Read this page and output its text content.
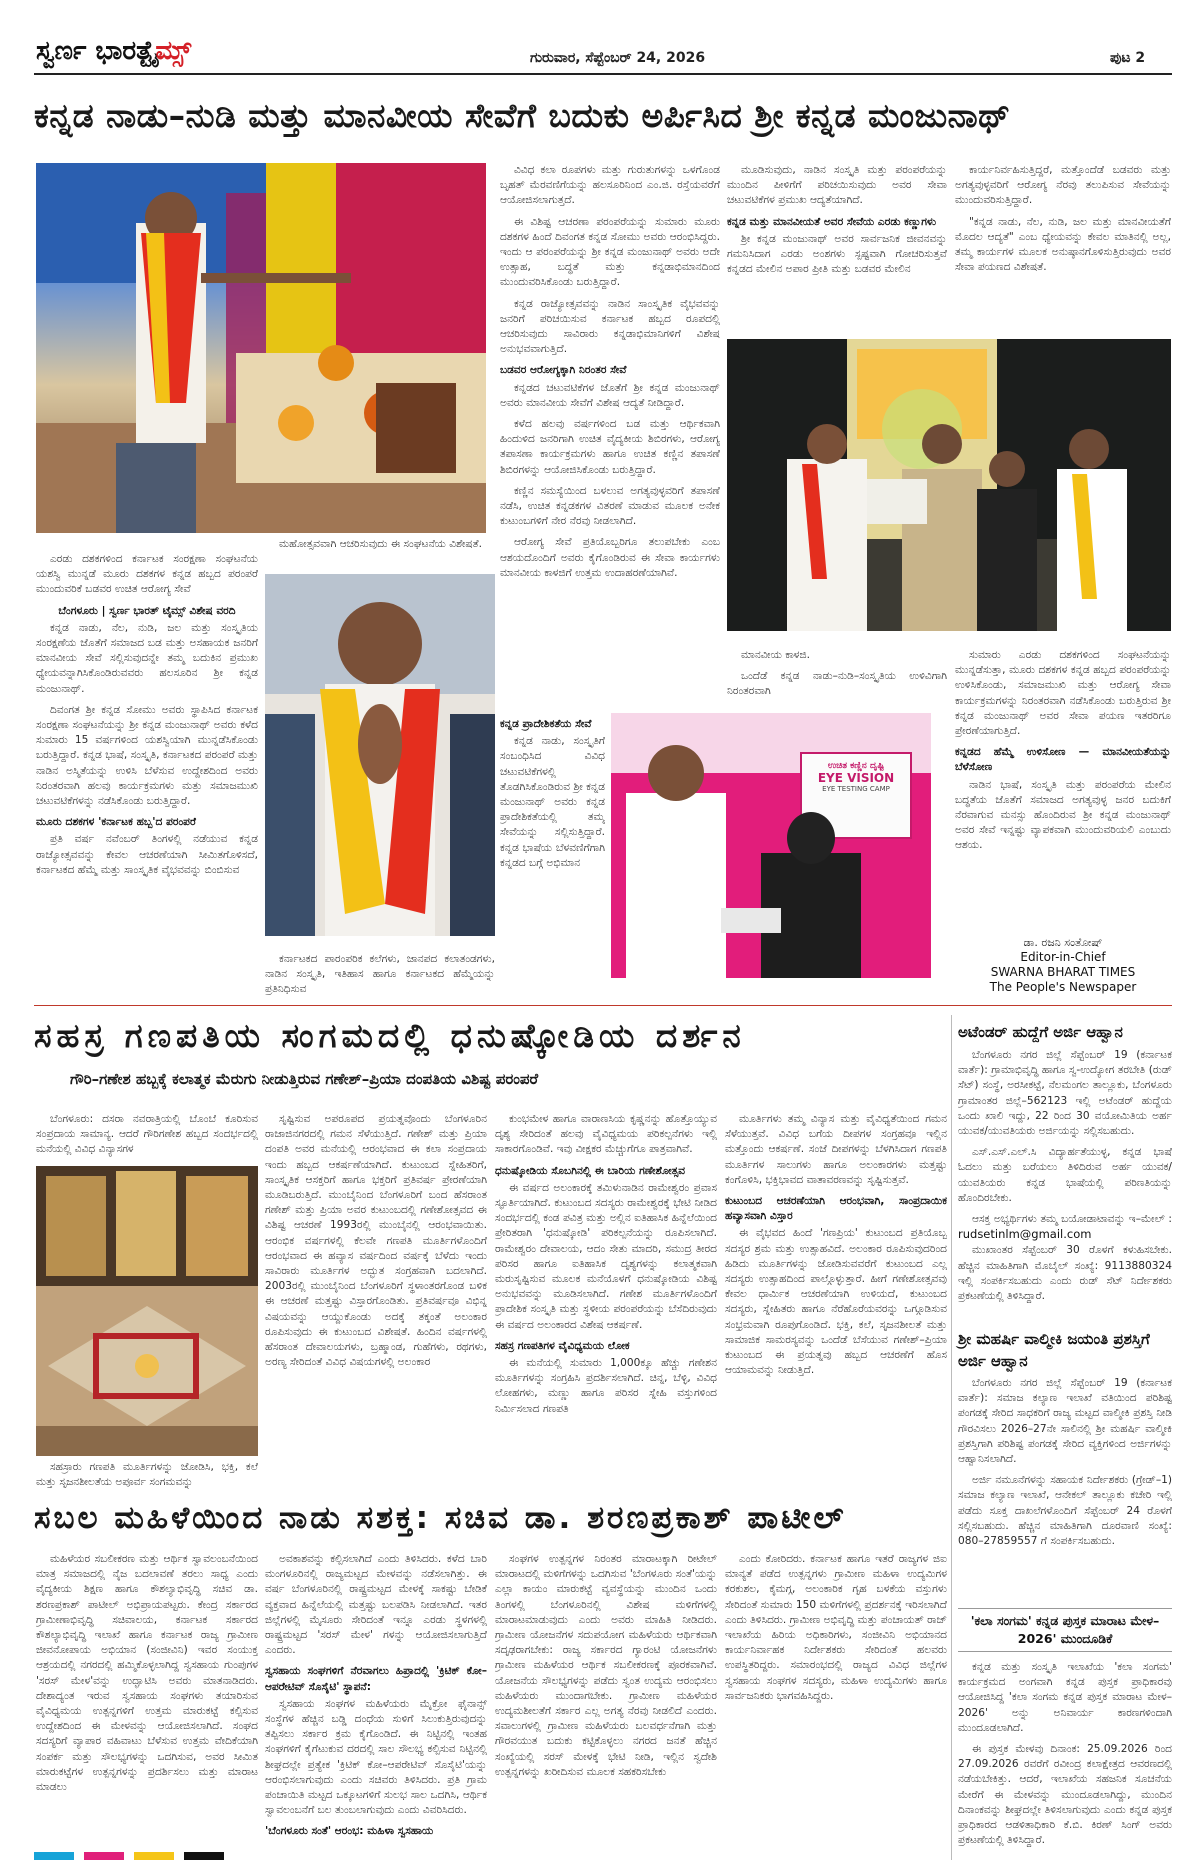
ಸ್ವರ್ಣ ಭಾರತ್ಟೈಮ್ಸ್	ಗುರುವಾರ, ಸೆಪ್ಟೆಂಬರ್ 24, 2026	ಪುಟ 2
ಕನ್ನಡ ನಾಡು–ನುಡಿ ಮತ್ತು ಮಾನವೀಯ ಸೇವೆಗೆ ಬದುಕು ಅರ್ಪಿಸಿದ ಶ್ರೀ ಕನ್ನಡ ಮಂಜುನಾಥ್
ಉಚಿತ ಕಣ್ಣಿನ ದೃಷ್ಟಿ
EYE VISION
EYE TESTING CAMP

ಎರಡು ದಶಕಗಳಿಂದ ಕರ್ನಾಟಕ ಸಂರಕ್ಷಣಾ ಸಂಘಟನೆಯ ಯಶಸ್ವಿ ಮುನ್ನಡೆ ಮೂರು ದಶಕಗಳ ಕನ್ನಡ ಹಬ್ಬದ ಪರಂಪರೆ ಮುಂದುವರಿಕೆ ಬಡವರ ಉಚಿತ ಆರೋಗ್ಯ ಸೇವೆ

ಬೆಂಗಳೂರು | ಸ್ವರ್ಣ ಭಾರತ್ ಟೈಮ್ಸ್ ವಿಶೇಷ ವರದಿ

ಕನ್ನಡ ನಾಡು, ನೆಲ, ನುಡಿ, ಜಲ ಮತ್ತು ಸಂಸ್ಕೃತಿಯ ಸಂರಕ್ಷಣೆಯ ಜೊತೆಗೆ ಸಮಾಜದ ಬಡ ಮತ್ತು ಅಸಹಾಯಕ ಜನರಿಗೆ ಮಾನವೀಯ ಸೇವೆ ಸಲ್ಲಿಸುವುದನ್ನೇ ತಮ್ಮ ಬದುಕಿನ ಪ್ರಮುಖ ಧ್ಯೇಯವನ್ನಾಗಿಸಿಕೊಂಡಿರುವವರು ಹಲಸೂರಿನ ಶ್ರೀ ಕನ್ನಡ ಮಂಜುನಾಥ್.

ದಿವಂಗತ ಶ್ರೀ ಕನ್ನಡ ಸೋಮು ಅವರು ಸ್ಥಾಪಿಸಿದ ಕರ್ನಾಟಕ ಸಂರಕ್ಷಣಾ ಸಂಘಟನೆಯನ್ನು ಶ್ರೀ ಕನ್ನಡ ಮಂಜುನಾಥ್ ಅವರು ಕಳೆದ ಸುಮಾರು 15 ವರ್ಷಗಳಿಂದ ಯಶಸ್ವಿಯಾಗಿ ಮುನ್ನಡೆಸಿಕೊಂಡು ಬರುತ್ತಿದ್ದಾರೆ. ಕನ್ನಡ ಭಾಷೆ, ಸಂಸ್ಕೃತಿ, ಕರ್ನಾಟಕದ ಪರಂಪರೆ ಮತ್ತು ನಾಡಿನ ಅಸ್ಮಿತೆಯನ್ನು ಉಳಿಸಿ ಬೆಳೆಸುವ ಉದ್ದೇಶದಿಂದ ಅವರು ನಿರಂತರವಾಗಿ ಹಲವು ಕಾರ್ಯಕ್ರಮಗಳು ಮತ್ತು ಸಮಾಜಮುಖಿ ಚಟುವಟಿಕೆಗಳನ್ನು ನಡೆಸಿಕೊಂಡು ಬರುತ್ತಿದ್ದಾರೆ.

ಮೂರು ದಶಕಗಳ 'ಕರ್ನಾಟಕ ಹಬ್ಬ'ದ ಪರಂಪರೆ

ಪ್ರತಿ ವರ್ಷ ನವೆಂಬರ್ ತಿಂಗಳಲ್ಲಿ ನಡೆಯುವ ಕನ್ನಡ ರಾಜ್ಯೋತ್ಸವವನ್ನು ಕೇವಲ ಆಚರಣೆಯಾಗಿ ಸೀಮಿತಗೊಳಿಸದೆ, ಕರ್ನಾಟಕದ ಹೆಮ್ಮೆ ಮತ್ತು ಸಾಂಸ್ಕೃತಿಕ ವೈಭವವನ್ನು ಬಿಂಬಿಸುವ

ಮಹೋತ್ಸವವಾಗಿ ಆಚರಿಸುವುದು ಈ ಸಂಘಟನೆಯ ವಿಶೇಷತೆ.

ಕರ್ನಾಟಕದ ಪಾರಂಪರಿಕ ಕಲೆಗಳು, ಜಾನಪದ ಕಲಾತಂಡಗಳು, ನಾಡಿನ ಸಂಸ್ಕೃತಿ, ಇತಿಹಾಸ ಹಾಗೂ ಕರ್ನಾಟಕದ ಹೆಮ್ಮೆಯನ್ನು ಪ್ರತಿನಿಧಿಸುವ

ವಿವಿಧ ಕಲಾ ರೂಪಗಳು ಮತ್ತು ಗುರುತುಗಳನ್ನು ಒಳಗೊಂಡ ಬೃಹತ್ ಮೆರವಣಿಗೆಯನ್ನು ಹಲಸೂರಿನಿಂದ ಎಂ.ಜಿ. ರಸ್ತೆಯವರೆಗೆ ಆಯೋಜಿಸಲಾಗುತ್ತದೆ.

ಈ ವಿಶಿಷ್ಟ ಆಚರಣಾ ಪರಂಪರೆಯನ್ನು ಸುಮಾರು ಮೂರು ದಶಕಗಳ ಹಿಂದೆ ದಿವಂಗತ ಕನ್ನಡ ಸೋಮು ಅವರು ಆರಂಭಿಸಿದ್ದರು. ಇಂದು ಆ ಪರಂಪರೆಯನ್ನು ಶ್ರೀ ಕನ್ನಡ ಮಂಜುನಾಥ್ ಅವರು ಅದೇ ಉತ್ಸಾಹ, ಬದ್ಧತೆ ಮತ್ತು ಕನ್ನಡಾಭಿಮಾನದಿಂದ ಮುಂದುವರಿಸಿಕೊಂಡು ಬರುತ್ತಿದ್ದಾರೆ.

ಕನ್ನಡ ರಾಜ್ಯೋತ್ಸವವನ್ನು ನಾಡಿನ ಸಾಂಸ್ಕೃತಿಕ ವೈಭವವನ್ನು ಜನರಿಗೆ ಪರಿಚಯಿಸುವ ಕರ್ನಾಟಕ ಹಬ್ಬದ ರೂಪದಲ್ಲಿ ಆಚರಿಸುವುದು ಸಾವಿರಾರು ಕನ್ನಡಾಭಿಮಾನಿಗಳಿಗೆ ವಿಶೇಷ ಅನುಭವವಾಗುತ್ತಿದೆ.

ಬಡವರ ಆರೋಗ್ಯಕ್ಕಾಗಿ ನಿರಂತರ ಸೇವೆ

ಕನ್ನಡದ ಚಟುವಟಿಕೆಗಳ ಜೊತೆಗೆ ಶ್ರೀ ಕನ್ನಡ ಮಂಜುನಾಥ್ ಅವರು ಮಾನವೀಯ ಸೇವೆಗೆ ವಿಶೇಷ ಆದ್ಯತೆ ನೀಡಿದ್ದಾರೆ.

ಕಳೆದ ಹಲವು ವರ್ಷಗಳಿಂದ ಬಡ ಮತ್ತು ಆರ್ಥಿಕವಾಗಿ ಹಿಂದುಳಿದ ಜನರಿಗಾಗಿ ಉಚಿತ ವೈದ್ಯಕೀಯ ಶಿಬಿರಗಳು, ಆರೋಗ್ಯ ತಪಾಸಣಾ ಕಾರ್ಯಕ್ರಮಗಳು ಹಾಗೂ ಉಚಿತ ಕಣ್ಣಿನ ತಪಾಸಣೆ ಶಿಬಿರಗಳನ್ನು ಆಯೋಜಿಸಿಕೊಂಡು ಬರುತ್ತಿದ್ದಾರೆ.

ಕಣ್ಣಿನ ಸಮಸ್ಯೆಯಿಂದ ಬಳಲುವ ಅಗತ್ಯವುಳ್ಳವರಿಗೆ ತಪಾಸಣೆ ನಡೆಸಿ, ಉಚಿತ ಕನ್ನಡಕಗಳ ವಿತರಣೆ ಮಾಡುವ ಮೂಲಕ ಅನೇಕ ಕುಟುಂಬಗಳಿಗೆ ನೇರ ನೆರವು ನೀಡಲಾಗಿದೆ.

ಆರೋಗ್ಯ ಸೇವೆ ಪ್ರತಿಯೊಬ್ಬರಿಗೂ ತಲುಪಬೇಕು ಎಂಬ ಆಶಯದೊಂದಿಗೆ ಅವರು ಕೈಗೊಂಡಿರುವ ಈ ಸೇವಾ ಕಾರ್ಯಗಳು ಮಾನವೀಯ ಕಾಳಜಿಗೆ ಉತ್ತಮ ಉದಾಹರಣೆಯಾಗಿವೆ.

ಕನ್ನಡ ಪ್ರಾದೇಶಿಕತೆಯ ಸೇವೆ

ಕನ್ನಡ ನಾಡು, ಸಂಸ್ಕೃತಿಗೆ ಸಂಬಂಧಿಸಿದ ವಿವಿಧ ಚಟುವಟಿಕೆಗಳಲ್ಲಿ ತೊಡಗಿಸಿಕೊಂಡಿರುವ ಶ್ರೀ ಕನ್ನಡ ಮಂಜುನಾಥ್ ಅವರು ಕನ್ನಡ ಪ್ರಾದೇಶಿಕತೆಯಲ್ಲಿ ತಮ್ಮ ಸೇವೆಯನ್ನು ಸಲ್ಲಿಸುತ್ತಿದ್ದಾರೆ. ಕನ್ನಡ ಭಾಷೆಯ ಬೆಳವಣಿಗೆಗಾಗಿ ಕನ್ನಡದ ಬಗ್ಗೆ ಅಭಿಮಾನ

ಮೂಡಿಸುವುದು, ನಾಡಿನ ಸಂಸ್ಕೃತಿ ಮತ್ತು ಪರಂಪರೆಯನ್ನು ಮುಂದಿನ ಪೀಳಿಗೆಗೆ ಪರಿಚಯಿಸುವುದು ಅವರ ಸೇವಾ ಚಟುವಟಿಕೆಗಳ ಪ್ರಮುಖ ಆದ್ಯತೆಯಾಗಿದೆ.

ಕನ್ನಡ ಮತ್ತು ಮಾನವೀಯತೆ ಅವರ ಸೇವೆಯ ಎರಡು ಕಣ್ಣುಗಳು

ಶ್ರೀ ಕನ್ನಡ ಮಂಜುನಾಥ್ ಅವರ ಸಾರ್ವಜನಿಕ ಜೀವನವನ್ನು ಗಮನಿಸಿದಾಗ ಎರಡು ಅಂಶಗಳು ಸ್ಪಷ್ಟವಾಗಿ ಗೋಚರಿಸುತ್ತವೆ ಕನ್ನಡದ ಮೇಲಿನ ಅಪಾರ ಪ್ರೀತಿ ಮತ್ತು ಬಡವರ ಮೇಲಿನ

ಮಾನವೀಯ ಕಾಳಜಿ.

ಒಂದೆಡೆ ಕನ್ನಡ ನಾಡು–ನುಡಿ–ಸಂಸ್ಕೃತಿಯ ಉಳಿವಿಗಾಗಿ ನಿರಂತರವಾಗಿ

ಕಾರ್ಯನಿರ್ವಹಿಸುತ್ತಿದ್ದರೆ, ಮತ್ತೊಂದೆಡೆ ಬಡವರು ಮತ್ತು ಅಗತ್ಯವುಳ್ಳವರಿಗೆ ಆರೋಗ್ಯ ನೆರವು ತಲುಪಿಸುವ ಸೇವೆಯನ್ನು ಮುಂದುವರಿಸುತ್ತಿದ್ದಾರೆ.

"ಕನ್ನಡ ನಾಡು, ನೆಲ, ನುಡಿ, ಜಲ ಮತ್ತು ಮಾನವೀಯತೆಗೆ ಮೊದಲ ಆದ್ಯತೆ" ಎಂಬ ಧ್ಯೇಯವನ್ನು ಕೇವಲ ಮಾತಿನಲ್ಲಿ ಅಲ್ಲ, ತಮ್ಮ ಕಾರ್ಯಗಳ ಮೂಲಕ ಅನುಷ್ಠಾನಗೊಳಿಸುತ್ತಿರುವುದು ಅವರ ಸೇವಾ ಪಯಣದ ವಿಶೇಷತೆ.

ಸುಮಾರು ಎರಡು ದಶಕಗಳಿಂದ ಸಂಘಟನೆಯನ್ನು ಮುನ್ನಡೆಸುತ್ತಾ, ಮೂರು ದಶಕಗಳ ಕನ್ನಡ ಹಬ್ಬದ ಪರಂಪರೆಯನ್ನು ಉಳಿಸಿಕೊಂಡು, ಸಮಾಜಮುಖಿ ಮತ್ತು ಆರೋಗ್ಯ ಸೇವಾ ಕಾರ್ಯಕ್ರಮಗಳನ್ನು ನಿರಂತರವಾಗಿ ನಡೆಸಿಕೊಂಡು ಬರುತ್ತಿರುವ ಶ್ರೀ ಕನ್ನಡ ಮಂಜುನಾಥ್ ಅವರ ಸೇವಾ ಪಯಣ ಇತರರಿಗೂ ಪ್ರೇರಣೆಯಾಗುತ್ತಿದೆ.

ಕನ್ನಡದ ಹೆಮ್ಮೆ ಉಳಿಸೋಣ — ಮಾನವೀಯತೆಯನ್ನು ಬೆಳೆಸೋಣ

ನಾಡಿನ ಭಾಷೆ, ಸಂಸ್ಕೃತಿ ಮತ್ತು ಪರಂಪರೆಯ ಮೇಲಿನ ಬದ್ಧತೆಯ ಜೊತೆಗೆ ಸಮಾಜದ ಅಗತ್ಯವುಳ್ಳ ಜನರ ಬದುಕಿಗೆ ನೆರವಾಗುವ ಮನಸ್ಸು ಹೊಂದಿರುವ ಶ್ರೀ ಕನ್ನಡ ಮಂಜುನಾಥ್ ಅವರ ಸೇವೆ ಇನ್ನಷ್ಟು ವ್ಯಾಪಕವಾಗಿ ಮುಂದುವರಿಯಲಿ ಎಂಬುದು ಆಶಯ.

ಡಾ. ರಜನಿ ಸಂತೋಷ್
Editor-in-Chief
SWARNA BHARAT TIMES
The People's Newspaper
ಸಹಸ್ರ ಗಣಪತಿಯ ಸಂಗಮದಲ್ಲಿ ಧನುಷ್ಕೋಡಿಯ ದರ್ಶನ
ಗೌರಿ–ಗಣೇಶ ಹಬ್ಬಕ್ಕೆ ಕಲಾತ್ಮಕ ಮೆರುಗು ನೀಡುತ್ತಿರುವ ಗಣೇಶ್–ಪ್ರಿಯಾ ದಂಪತಿಯ ವಿಶಿಷ್ಟ ಪರಂಪರೆ

ಬೆಂಗಳೂರು: ದಸರಾ ನವರಾತ್ರಿಯಲ್ಲಿ ಬೊಂಬೆ ಕೂರಿಸುವ ಸಂಪ್ರದಾಯ ಸಾಮಾನ್ಯ. ಆದರೆ ಗೌರಿಗಣೇಶ ಹಬ್ಬದ ಸಂದರ್ಭದಲ್ಲಿ ಮನೆಯಲ್ಲಿ ವಿವಿಧ ವಿನ್ಯಾಸಗಳ

ಸಹಸ್ರಾರು ಗಣಪತಿ ಮೂರ್ತಿಗಳನ್ನು ಜೋಡಿಸಿ, ಭಕ್ತಿ, ಕಲೆ ಮತ್ತು ಸೃಜನಶೀಲತೆಯ ಅಪೂರ್ವ ಸಂಗಮವನ್ನು

ಸೃಷ್ಟಿಸುವ ಅಪರೂಪದ ಪ್ರಯತ್ನವೊಂದು ಬೆಂಗಳೂರಿನ ರಾಜಾಜಿನಗರದಲ್ಲಿ ಗಮನ ಸೆಳೆಯುತ್ತಿದೆ. ಗಣೇಶ್ ಮತ್ತು ಪ್ರಿಯಾ ದಂಪತಿ ಅವರ ಮನೆಯಲ್ಲಿ ಆರಂಭವಾದ ಈ ಕಲಾ ಸಂಪ್ರದಾಯ ಇಂದು ಹಬ್ಬದ ಆಕರ್ಷಣೆಯಾಗಿದೆ. ಕುಟುಂಬದ ಸ್ನೇಹಿತರಿಗೆ, ಸಾಂಸ್ಕೃತಿಕ ಆಸಕ್ತರಿಗೆ ಹಾಗೂ ಭಕ್ತರಿಗೆ ಪ್ರತಿವರ್ಷ ಪ್ರೇರಣೆಯಾಗಿ ಮೂಡಿಬರುತ್ತಿದೆ. ಮುಂಬೈನಿಂದ ಬೆಂಗಳೂರಿಗೆ ಬಂದ ಹೆಸರಾಂತ ಗಣೇಶ್ ಮತ್ತು ಪ್ರಿಯಾ ಅವರ ಕುಟುಂಬದಲ್ಲಿ ಗಣೇಶೋತ್ಸವದ ಈ ವಿಶಿಷ್ಟ ಆಚರಣೆ 1993ರಲ್ಲಿ ಮುಂಬೈನಲ್ಲಿ ಆರಂಭವಾಯಿತು. ಆರಂಭಿಕ ವರ್ಷಗಳಲ್ಲಿ ಕೆಲವೇ ಗಣಪತಿ ಮೂರ್ತಿಗಳೊಂದಿಗೆ ಆರಂಭವಾದ ಈ ಹವ್ಯಾಸ ವರ್ಷದಿಂದ ವರ್ಷಕ್ಕೆ ಬೆಳೆದು ಇಂದು ಸಾವಿರಾರು ಮೂರ್ತಿಗಳ ಅದ್ಭುತ ಸಂಗ್ರಹವಾಗಿ ಬದಲಾಗಿದೆ. 2003ರಲ್ಲಿ ಮುಂಬೈನಿಂದ ಬೆಂಗಳೂರಿಗೆ ಸ್ಥಳಾಂತರಗೊಂಡ ಬಳಿಕ ಈ ಆಚರಣೆ ಮತ್ತಷ್ಟು ವಿಸ್ತಾರಗೊಂಡಿತು. ಪ್ರತಿವರ್ಷವೂ ವಿಭಿನ್ನ ವಿಷಯವನ್ನು ಆಯ್ದುಕೊಂಡು ಅದಕ್ಕೆ ತಕ್ಕಂತೆ ಅಲಂಕಾರ ರೂಪಿಸುವುದು ಈ ಕುಟುಂಬದ ವಿಶೇಷತೆ. ಹಿಂದಿನ ವರ್ಷಗಳಲ್ಲಿ ಹೆಸರಾಂತ ದೇವಾಲಯಗಳು, ಬ್ರಹ್ಮಾಂಡ, ಗುಹೆಗಳು, ರಥಗಳು, ಅರಣ್ಯ ಸೇರಿದಂತೆ ವಿವಿಧ ವಿಷಯಗಳಲ್ಲಿ ಅಲಂಕಾರ

ಕುಂಭಮೇಳ ಹಾಗೂ ವಾರಾಣಸಿಯ ಕೃಷ್ಣನನ್ನು ಹೊತ್ತೊಯ್ಯುವ ದೃಶ್ಯ ಸೇರಿದಂತೆ ಹಲವು ವೈವಿಧ್ಯಮಯ ಪರಿಕಲ್ಪನೆಗಳು ಇಲ್ಲಿ ಸಾಕಾರಗೊಂಡಿವೆ. ಇವು ವೀಕ್ಷಕರ ಮೆಚ್ಚುಗೆಗೂ ಪಾತ್ರವಾಗಿವೆ.

ಧನುಷ್ಕೋಡಿಯ ಸೊಬಗಿನಲ್ಲಿ ಈ ಬಾರಿಯ ಗಣೇಶೋತ್ಸವ

ಈ ವರ್ಷದ ಅಲಂಕಾರಕ್ಕೆ ತಮಿಳುನಾಡಿನ ರಾಮೇಶ್ವರಂ ಪ್ರವಾಸ ಸ್ಫೂರ್ತಿಯಾಗಿದೆ. ಕುಟುಂಬದ ಸದಸ್ಯರು ರಾಮೇಶ್ವರಕ್ಕೆ ಭೇಟಿ ನೀಡಿದ ಸಂದರ್ಭದಲ್ಲಿ ಕಂಡ ಪವಿತ್ರ ಮತ್ತು ಅಲ್ಲಿನ ಐತಿಹಾಸಿಕ ಹಿನ್ನೆಲೆಯಿಂದ ಪ್ರೇರಿತರಾಗಿ 'ಧನುಷ್ಕೋಡಿ' ಪರಿಕಲ್ಪನೆಯನ್ನು ರೂಪಿಸಲಾಗಿದೆ. ರಾಮೇಶ್ವರಂ ದೇವಾಲಯ, ಆದಂ ಸೇತು ಮಾದರಿ, ಸಮುದ್ರ ತೀರದ ಪರಿಸರ ಹಾಗೂ ಐತಿಹಾಸಿಕ ದೃಶ್ಯಗಳನ್ನು ಕಲಾತ್ಮಕವಾಗಿ ಮರುಸೃಷ್ಟಿಸುವ ಮೂಲಕ ಮನೆಯೊಳಗೆ ಧನುಷ್ಕೋಡಿಯ ವಿಶಿಷ್ಟ ಅನುಭವವನ್ನು ಮೂಡಿಸಲಾಗಿದೆ. ಗಣೇಶ ಮೂರ್ತಿಗಳೊಂದಿಗೆ ಪ್ರಾದೇಶಿಕ ಸಂಸ್ಕೃತಿ ಮತ್ತು ಸ್ಥಳೀಯ ಪರಂಪರೆಯನ್ನು ಬೆಸೆದಿರುವುದು ಈ ವರ್ಷದ ಅಲಂಕಾರದ ವಿಶೇಷ ಆಕರ್ಷಣೆ.

ಸಹಸ್ರ ಗಣಪತಿಗಳ ವೈವಿಧ್ಯಮಯ ಲೋಕ

ಈ ಮನೆಯಲ್ಲಿ ಸುಮಾರು 1,000ಕ್ಕೂ ಹೆಚ್ಚು ಗಣೇಶನ ಮೂರ್ತಿಗಳನ್ನು ಸಂಗ್ರಹಿಸಿ ಪ್ರದರ್ಶಿಸಲಾಗಿದೆ. ಚಿನ್ನ, ಬೆಳ್ಳಿ, ವಿವಿಧ ಲೋಹಗಳು, ಮಣ್ಣು ಹಾಗೂ ಪರಿಸರ ಸ್ನೇಹಿ ವಸ್ತುಗಳಿಂದ ನಿರ್ಮಿಸಲಾದ ಗಣಪತಿ

ಮೂರ್ತಿಗಳು ತಮ್ಮ ವಿನ್ಯಾಸ ಮತ್ತು ವೈವಿಧ್ಯತೆಯಿಂದ ಗಮನ ಸೆಳೆಯುತ್ತವೆ. ವಿವಿಧ ಬಗೆಯ ದೀಪಗಳ ಸಂಗ್ರಹವೂ ಇಲ್ಲಿನ ಮತ್ತೊಂದು ಆಕರ್ಷಣೆ. ಸಂಜೆ ದೀಪಗಳನ್ನು ಬೆಳಗಿಸಿದಾಗ ಗಣಪತಿ ಮೂರ್ತಿಗಳ ಸಾಲುಗಳು ಹಾಗೂ ಅಲಂಕಾರಗಳು ಮತ್ತಷ್ಟು ಕಂಗೊಳಿಸಿ, ಭಕ್ತಿಭಾವದ ವಾತಾವರಣವನ್ನು ಸೃಷ್ಟಿಸುತ್ತವೆ.

ಕುಟುಂಬದ ಆಚರಣೆಯಾಗಿ ಆರಂಭವಾಗಿ, ಸಾಂಪ್ರದಾಯಿಕ ಹವ್ಯಾಸವಾಗಿ ವಿಸ್ತಾರ

ಈ ವೈಭವದ ಹಿಂದೆ 'ಗಣಪ್ರಿಯ' ಕುಟುಂಬದ ಪ್ರತಿಯೊಬ್ಬ ಸದಸ್ಯರ ಶ್ರಮ ಮತ್ತು ಉತ್ಸಾಹವಿದೆ. ಅಲಂಕಾರ ರೂಪಿಸುವುದರಿಂದ ಹಿಡಿದು ಮೂರ್ತಿಗಳನ್ನು ಜೋಡಿಸುವವರೆಗೆ ಕುಟುಂಬದ ಎಲ್ಲ ಸದಸ್ಯರು ಉತ್ಸಾಹದಿಂದ ಪಾಲ್ಗೊಳ್ಳುತ್ತಾರೆ. ಹೀಗೆ ಗಣೇಶೋತ್ಸವವು ಕೇವಲ ಧಾರ್ಮಿಕ ಆಚರಣೆಯಾಗಿ ಉಳಿಯದೆ, ಕುಟುಂಬದ ಸದಸ್ಯರು, ಸ್ನೇಹಿತರು ಹಾಗೂ ನೆರೆಹೊರೆಯವರನ್ನು ಒಗ್ಗೂಡಿಸುವ ಸಂಭ್ರಮವಾಗಿ ರೂಪುಗೊಂಡಿದೆ. ಭಕ್ತಿ, ಕಲೆ, ಸೃಜನಶೀಲತೆ ಮತ್ತು ಸಾಮಾಜಿಕ ಸಾಮರಸ್ಯವನ್ನು ಒಂದೆಡೆ ಬೆಸೆಯುವ ಗಣೇಶ್–ಪ್ರಿಯಾ ಕುಟುಂಬದ ಈ ಪ್ರಯತ್ನವು ಹಬ್ಬದ ಆಚರಣೆಗೆ ಹೊಸ ಆಯಾಮವನ್ನು ನೀಡುತ್ತಿದೆ.

ಸಬಲ ಮಹಿಳೆಯಿಂದ ನಾಡು ಸಶಕ್ತ: ಸಚಿವ ಡಾ. ಶರಣಪ್ರಕಾಶ್ ಪಾಟೀಲ್

ಮಹಿಳೆಯರ ಸಬಲೀಕರಣ ಮತ್ತು ಆರ್ಥಿಕ ಸ್ವಾವಲಂಬನೆಯಿಂದ ಮಾತ್ರ ಸಮಾಜದಲ್ಲಿ ನೈಜ ಬದಲಾವಣೆ ತರಲು ಸಾಧ್ಯ ಎಂದು ವೈದ್ಯಕೀಯ ಶಿಕ್ಷಣ ಹಾಗೂ ಕೌಶಲ್ಯಾಭಿವೃದ್ಧಿ ಸಚಿವ ಡಾ. ಶರಣಪ್ರಕಾಶ್ ಪಾಟೀಲ್ ಅಭಿಪ್ರಾಯಪಟ್ಟರು. ಕೇಂದ್ರ ಸರ್ಕಾರದ ಗ್ರಾಮೀಣಾಭಿವೃದ್ಧಿ ಸಚಿವಾಲಯ, ಕರ್ನಾಟಕ ಸರ್ಕಾರದ ಕೌಶಲ್ಯಾಭಿವೃದ್ಧಿ ಇಲಾಖೆ ಹಾಗೂ ಕರ್ನಾಟಕ ರಾಜ್ಯ ಗ್ರಾಮೀಣ ಜೀವನೋಪಾಯ ಅಭಿಯಾನ (ಸಂಜೀವಿನಿ) ಇವರ ಸಂಯುಕ್ತ ಆಶ್ರಯದಲ್ಲಿ ನಗರದಲ್ಲಿ ಹಮ್ಮಿಕೊಳ್ಳಲಾಗಿದ್ದ ಸ್ವಸಹಾಯ ಗುಂಪುಗಳ 'ಸರಸ್ ಮೇಳ'ವನ್ನು ಉದ್ಘಾಟಿಸಿ ಅವರು ಮಾತನಾಡಿದರು. ದೇಶಾದ್ಯಂತ ಇರುವ ಸ್ವಸಹಾಯ ಸಂಘಗಳು ತಯಾರಿಸುವ ವೈವಿಧ್ಯಮಯ ಉತ್ಪನ್ನಗಳಿಗೆ ಉತ್ತಮ ಮಾರುಕಟ್ಟೆ ಕಲ್ಪಿಸುವ ಉದ್ದೇಶದಿಂದ ಈ ಮೇಳವನ್ನು ಆಯೋಜಿಸಲಾಗಿದೆ. ಸಂಘದ ಸದಸ್ಯರಿಗೆ ವ್ಯಾಪಾರ ವಹಿವಾಟು ಬೆಳೆಸುವ ಉತ್ತಮ ವೇದಿಕೆಯಾಗಿ ಸಂಪರ್ಕ ಮತ್ತು ಸೌಲಭ್ಯಗಳನ್ನು ಒದಗಿಸುವ, ಅವರ ಸೀಮಿತ ಮಾರುಕಟ್ಟೆಗಳ ಉತ್ಪನ್ನಗಳನ್ನು ಪ್ರದರ್ಶಿಸಲು ಮತ್ತು ಮಾರಾಟ ಮಾಡಲು

ಅವಕಾಶವನ್ನು ಕಲ್ಪಿಸಲಾಗಿದೆ ಎಂದು ತಿಳಿಸಿದರು. ಕಳೆದ ಬಾರಿ ಮಂಗಳೂರಿನಲ್ಲಿ ರಾಜ್ಯಮಟ್ಟದ ಮೇಳವನ್ನು ನಡೆಸಲಾಗಿತ್ತು. ಈ ವರ್ಷ ಬೆಂಗಳೂರಿನಲ್ಲಿ ರಾಷ್ಟ್ರಮಟ್ಟದ ಮೇಳಕ್ಕೆ ಸಾಕಷ್ಟು ಬೇಡಿಕೆ ವ್ಯಕ್ತವಾದ ಹಿನ್ನೆಲೆಯಲ್ಲಿ ಮತ್ತಷ್ಟು ಬಲಪಡಿಸಿ ನೀಡಲಾಗಿದೆ. ಇತರ ಜಿಲ್ಲೆಗಳಲ್ಲಿ ಮೈಸೂರು ಸೇರಿದಂತೆ ಇನ್ನೂ ಎರಡು ಸ್ಥಳಗಳಲ್ಲಿ ರಾಷ್ಟ್ರಮಟ್ಟದ 'ಸರಸ್ ಮೇಳ' ಗಳನ್ನು ಆಯೋಜಿಸಲಾಗುತ್ತಿದೆ ಎಂದರು.

ಸ್ವಸಹಾಯ ಸಂಘಗಳಿಗೆ ನೆರವಾಗಲು ಹಿಪ್ರಾದಲ್ಲಿ 'ಕ್ರಿಟಿಕ್ ಕೋ–ಆಪರೇಟಿವ್ ಸೊಸೈಟಿ' ಸ್ಥಾಪನೆ:

ಸ್ವಸಹಾಯ ಸಂಘಗಳ ಮಹಿಳೆಯರು ಮೈಕ್ರೋ ಫೈನಾನ್ಸ್ ಸಂಸ್ಥೆಗಳ ಹೆಚ್ಚಿನ ಬಡ್ಡಿ ದಂಧೆಯ ಸುಳಿಗೆ ಸಿಲುಕುತ್ತಿರುವುದನ್ನು ತಪ್ಪಿಸಲು ಸರ್ಕಾರ ಕ್ರಮ ಕೈಗೊಂಡಿದೆ. ಈ ನಿಟ್ಟಿನಲ್ಲಿ ಇಂತಹ ಸಂಘಗಳಿಗೆ ಕೈಗೆಟುಕುವ ದರದಲ್ಲಿ ಸಾಲ ಸೌಲಭ್ಯ ಕಲ್ಪಿಸುವ ನಿಟ್ಟಿನಲ್ಲಿ ಶೀಘ್ರದಲ್ಲೇ ಪ್ರತ್ಯೇಕ 'ಕ್ರಿಟಿಕ್ ಕೋ–ಆಪರೇಟಿವ್ ಸೊಸೈಟಿ'ಯನ್ನು ಆರಂಭಿಸಲಾಗುವುದು ಎಂದು ಸಚಿವರು ತಿಳಿಸಿದರು. ಪ್ರತಿ ಗ್ರಾಮ ಪಂಚಾಯಿತಿ ಮಟ್ಟದ ಒಕ್ಕೂಟಗಳಿಗೆ ಸುಲಭ ಸಾಲ ಒದಗಿಸಿ, ಆರ್ಥಿಕ ಸ್ವಾವಲಂಬನೆಗೆ ಬಲ ತುಂಬಲಾಗುವುದು ಎಂದು ವಿವರಿಸಿದರು.

'ಬೆಂಗಳೂರು ಸಂತೆ' ಆರಂಭ: ಮಹಿಳಾ ಸ್ವಸಹಾಯ

ಸಂಘಗಳ ಉತ್ಪನ್ನಗಳ ನಿರಂತರ ಮಾರಾಟಕ್ಕಾಗಿ ರೀಟೇಲ್ ಮಾರಾಟದಲ್ಲಿ ಮಳಿಗೆಗಳನ್ನು ಒದಗಿಸುವ 'ಬೆಂಗಳೂರು ಸಂತೆ'ಯನ್ನು ಎಲ್ಲಾ ಕಾಯಂ ಮಾರುಕಟ್ಟೆ ವ್ಯವಸ್ಥೆಯನ್ನು ಮುಂದಿನ ಒಂದು ತಿಂಗಳಲ್ಲಿ ಬೆಂಗಳೂರಿನಲ್ಲಿ ವಿಶೇಷ ಮಳಿಗೆಗಳಲ್ಲಿ ಮಾರಾಟಮಾಡುವುದು ಎಂದು ಅವರು ಮಾಹಿತಿ ನೀಡಿದರು. ಗ್ರಾಮೀಣ ಯೋಜನೆಗಳ ಸದುಪಯೋಗ ಮಹಿಳೆಯರು ಆರ್ಥಿಕವಾಗಿ ಸದೃಢರಾಗಬೇಕು: ರಾಜ್ಯ ಸರ್ಕಾರದ ಗ್ಯಾರಂಟಿ ಯೋಜನೆಗಳು ಗ್ರಾಮೀಣ ಮಹಿಳೆಯರ ಆರ್ಥಿಕ ಸಬಲೀಕರಣಕ್ಕೆ ಪೂರಕವಾಗಿವೆ. ಯೋಜನೆಯ ಸೌಲಭ್ಯಗಳನ್ನು ಪಡೆದು ಸ್ವಂತ ಉದ್ಯಮ ಆರಂಭಿಸಲು ಮಹಿಳೆಯರು ಮುಂದಾಗಬೇಕು. ಗ್ರಾಮೀಣ ಮಹಿಳೆಯರ ಉದ್ಯಮಶೀಲತೆಗೆ ಸರ್ಕಾರ ಎಲ್ಲ ಅಗತ್ಯ ನೆರವು ನೀಡಲಿದೆ ಎಂದರು. ಸವಾಲುಗಳಲ್ಲಿ ಗ್ರಾಮೀಣ ಮಹಿಳೆಯರು ಬಲವರ್ಧನೆಗಾಗಿ ಮತ್ತು ಗೌರವಯುತ ಬದುಕು ಕಟ್ಟಿಕೊಳ್ಳಲು ನಗರದ ಜನತೆ ಹೆಚ್ಚಿನ ಸಂಖ್ಯೆಯಲ್ಲಿ ಸರಸ್ ಮೇಳಕ್ಕೆ ಭೇಟಿ ನೀಡಿ, ಇಲ್ಲಿನ ಸ್ವದೇಶಿ ಉತ್ಪನ್ನಗಳನ್ನು ಖರೀದಿಸುವ ಮೂಲಕ ಸಹಕರಿಸಬೇಕು

ಎಂದು ಕೋರಿದರು. ಕರ್ನಾಟಕ ಹಾಗೂ ಇತರೆ ರಾಜ್ಯಗಳ ಜಿಐ ಮಾನ್ಯತೆ ಪಡೆದ ಉತ್ಪನ್ನಗಳು ಗ್ರಾಮೀಣ ಮಹಿಳಾ ಉದ್ಯಮಿಗಳ ಕರಕುಶಲ, ಕೈಮಗ್ಗ, ಅಲಂಕಾರಿಕ ಗೃಹ ಬಳಕೆಯ ವಸ್ತುಗಳು ಸೇರಿದಂತೆ ಸುಮಾರು 150 ಮಳಿಗೆಗಳಲ್ಲಿ ಪ್ರದರ್ಶನಕ್ಕೆ ಇರಿಸಲಾಗಿದೆ ಎಂದು ತಿಳಿಸಿದರು. ಗ್ರಾಮೀಣ ಅಭಿವೃದ್ಧಿ ಮತ್ತು ಪಂಚಾಯತ್ ರಾಜ್ ಇಲಾಖೆಯ ಹಿರಿಯ ಅಧಿಕಾರಿಗಳು, ಸಂಜೀವಿನಿ ಅಭಿಯಾನದ ಕಾರ್ಯನಿರ್ವಾಹಕ ನಿರ್ದೇಶಕರು ಸೇರಿದಂತೆ ಹಲವರು ಉಪಸ್ಥಿತರಿದ್ದರು. ಸಮಾರಂಭದಲ್ಲಿ ರಾಜ್ಯದ ವಿವಿಧ ಜಿಲ್ಲೆಗಳ ಸ್ವಸಹಾಯ ಸಂಘಗಳ ಸದಸ್ಯರು, ಮಹಿಳಾ ಉದ್ಯಮಿಗಳು ಹಾಗೂ ಸಾರ್ವಜನಿಕರು ಭಾಗವಹಿಸಿದ್ದರು.

ಅಟೆಂಡರ್ ಹುದ್ದೆಗೆ ಅರ್ಜಿ ಆಹ್ವಾನ

ಬೆಂಗಳೂರು ನಗರ ಜಿಲ್ಲೆ ಸೆಪ್ಟೆಂಬರ್ 19 (ಕರ್ನಾಟಕ ವಾರ್ತೆ): ಗ್ರಾಮಾಭಿವೃದ್ಧಿ ಹಾಗೂ ಸ್ವ-ಉದ್ಯೋಗ ತರಬೇತಿ (ರುಡ್ ಸೆಟ್) ಸಂಸ್ಥೆ, ಅರಸೀಕಟ್ಟೆ, ನೆಲಮಂಗಲ ತಾಲ್ಲೂಕು, ಬೆಂಗಳೂರು ಗ್ರಾಮಾಂತರ ಜಿಲ್ಲೆ–562123 ಇಲ್ಲಿ ಅಟೆಂಡರ್ ಹುದ್ದೆಯ ಒಂದು ಖಾಲಿ ಇದ್ದು, 22 ರಿಂದ 30 ವಯೋಮಿತಿಯ ಅರ್ಹ ಯುವಕ/ಯುವತಿಯರು ಅರ್ಜಿಯನ್ನು ಸಲ್ಲಿಸಬಹುದು.

ಎಸ್.ಎಸ್.ಎಲ್.ಸಿ ವಿದ್ಯಾರ್ಹತೆಯುಳ್ಳ, ಕನ್ನಡ ಭಾಷೆ ಓದಲು ಮತ್ತು ಬರೆಯಲು ತಿಳಿದಿರುವ ಅರ್ಹ ಯುವಕ/ಯುವತಿಯರು ಕನ್ನಡ ಭಾಷೆಯಲ್ಲಿ ಪರಿಣತಿಯನ್ನು ಹೊಂದಿರಬೇಕು.

ಆಸಕ್ತ ಅಭ್ಯರ್ಥಿಗಳು ತಮ್ಮ ಬಯೋಡಾಟಾವನ್ನು ಇ–ಮೇಲ್ : rudsetinlm@gmail.com

ಮುಖಾಂತರ ಸೆಪ್ಟೆಂಬರ್ 30 ರೊಳಗೆ ಕಳುಹಿಸಬೇಕು. ಹೆಚ್ಚಿನ ಮಾಹಿತಿಗಾಗಿ ಮೊಬೈಲ್ ಸಂಖ್ಯೆ: 9113880324 ಇಲ್ಲಿ ಸಂಪರ್ಕಿಸಬಹುದು ಎಂದು ರುಡ್ ಸೆಟ್ ನಿರ್ದೇಶಕರು ಪ್ರಕಟಣೆಯಲ್ಲಿ ತಿಳಿಸಿದ್ದಾರೆ.

ಶ್ರೀ ಮಹರ್ಷಿ ವಾಲ್ಮೀಕಿ ಜಯಂತಿ ಪ್ರಶಸ್ತಿಗೆ ಅರ್ಜಿ ಆಹ್ವಾನ

ಬೆಂಗಳೂರು ನಗರ ಜಿಲ್ಲೆ ಸೆಪ್ಟೆಂಬರ್ 19 (ಕರ್ನಾಟಕ ವಾರ್ತೆ): ಸಮಾಜ ಕಲ್ಯಾಣ ಇಲಾಖೆ ವತಿಯಿಂದ ಪರಿಶಿಷ್ಟ ಪಂಗಡಕ್ಕೆ ಸೇರಿದ ಸಾಧಕರಿಗೆ ರಾಜ್ಯ ಮಟ್ಟದ ವಾಲ್ಮೀಕಿ ಪ್ರಶಸ್ತಿ ನೀಡಿ ಗೌರವಿಸಲು 2026–27ನೇ ಸಾಲಿನಲ್ಲಿ ಶ್ರೀ ಮಹರ್ಷಿ ವಾಲ್ಮೀಕಿ ಪ್ರಶಸ್ತಿಗಾಗಿ ಪರಿಶಿಷ್ಟ ಪಂಗಡಕ್ಕೆ ಸೇರಿದ ವ್ಯಕ್ತಿಗಳಿಂದ ಅರ್ಜಿಗಳನ್ನು ಆಹ್ವಾನಿಸಲಾಗಿದೆ.

ಅರ್ಜಿ ನಮೂನೆಗಳನ್ನು ಸಹಾಯಕ ನಿರ್ದೇಶಕರು (ಗ್ರೇಡ್–1) ಸಮಾಜ ಕಲ್ಯಾಣ ಇಲಾಖೆ, ಆನೇಕಲ್ ತಾಲ್ಲೂಕು ಕಚೇರಿ ಇಲ್ಲಿ ಪಡೆದು ಸೂಕ್ತ ದಾಖಲೆಗಳೊಂದಿಗೆ ಸೆಪ್ಟೆಂಬರ್ 24 ರೊಳಗೆ ಸಲ್ಲಿಸಬಹುದು. ಹೆಚ್ಚಿನ ಮಾಹಿತಿಗಾಗಿ ದೂರವಾಣಿ ಸಂಖ್ಯೆ: 080–27859557 ಗೆ ಸಂಪರ್ಕಿಸಬಹುದು.

'ಕಲಾ ಸಂಗಮ' ಕನ್ನಡ ಪುಸ್ತಕ ಮಾರಾಟ ಮೇಳ–2026' ಮುಂದೂಡಿಕೆ

ಕನ್ನಡ ಮತ್ತು ಸಂಸ್ಕೃತಿ ಇಲಾಖೆಯ 'ಕಲಾ ಸಂಗಮ' ಕಾರ್ಯಕ್ರಮದ ಅಂಗವಾಗಿ ಕನ್ನಡ ಪುಸ್ತಕ ಪ್ರಾಧಿಕಾರವು ಆಯೋಜಿಸಿದ್ದ 'ಕಲಾ ಸಂಗಮ ಕನ್ನಡ ಪುಸ್ತಕ ಮಾರಾಟ ಮೇಳ–2026' ಅನ್ನು ಅನಿವಾರ್ಯ ಕಾರಣಗಳಿಂದಾಗಿ ಮುಂದೂಡಲಾಗಿದೆ.

ಈ ಪುಸ್ತಕ ಮೇಳವು ದಿನಾಂಕ: 25.09.2026 ರಿಂದ 27.09.2026 ರವರೆಗೆ ರವೀಂದ್ರ ಕಲಾಕ್ಷೇತ್ರದ ಆವರಣದಲ್ಲಿ ನಡೆಯಬೇಕಿತ್ತು. ಆದರೆ, ಇಲಾಖೆಯ ಸಹಜನಿಕ ಸೂಚನೆಯ ಮೇರೆಗೆ ಈ ಮೇಳವನ್ನು ಮುಂದೂಡಲಾಗಿದ್ದು, ಮುಂದಿನ ದಿನಾಂಕವನ್ನು ಶೀಘ್ರದಲ್ಲೇ ತಿಳಿಸಲಾಗುವುದು ಎಂದು ಕನ್ನಡ ಪುಸ್ತಕ ಪ್ರಾಧಿಕಾರದ ಆಡಳಿತಾಧಿಕಾರಿ ಕೆ.ಬಿ. ಕಿರಣ್ ಸಿಂಗ್ ಅವರು ಪ್ರಕಟಣೆಯಲ್ಲಿ ತಿಳಿಸಿದ್ದಾರೆ.
